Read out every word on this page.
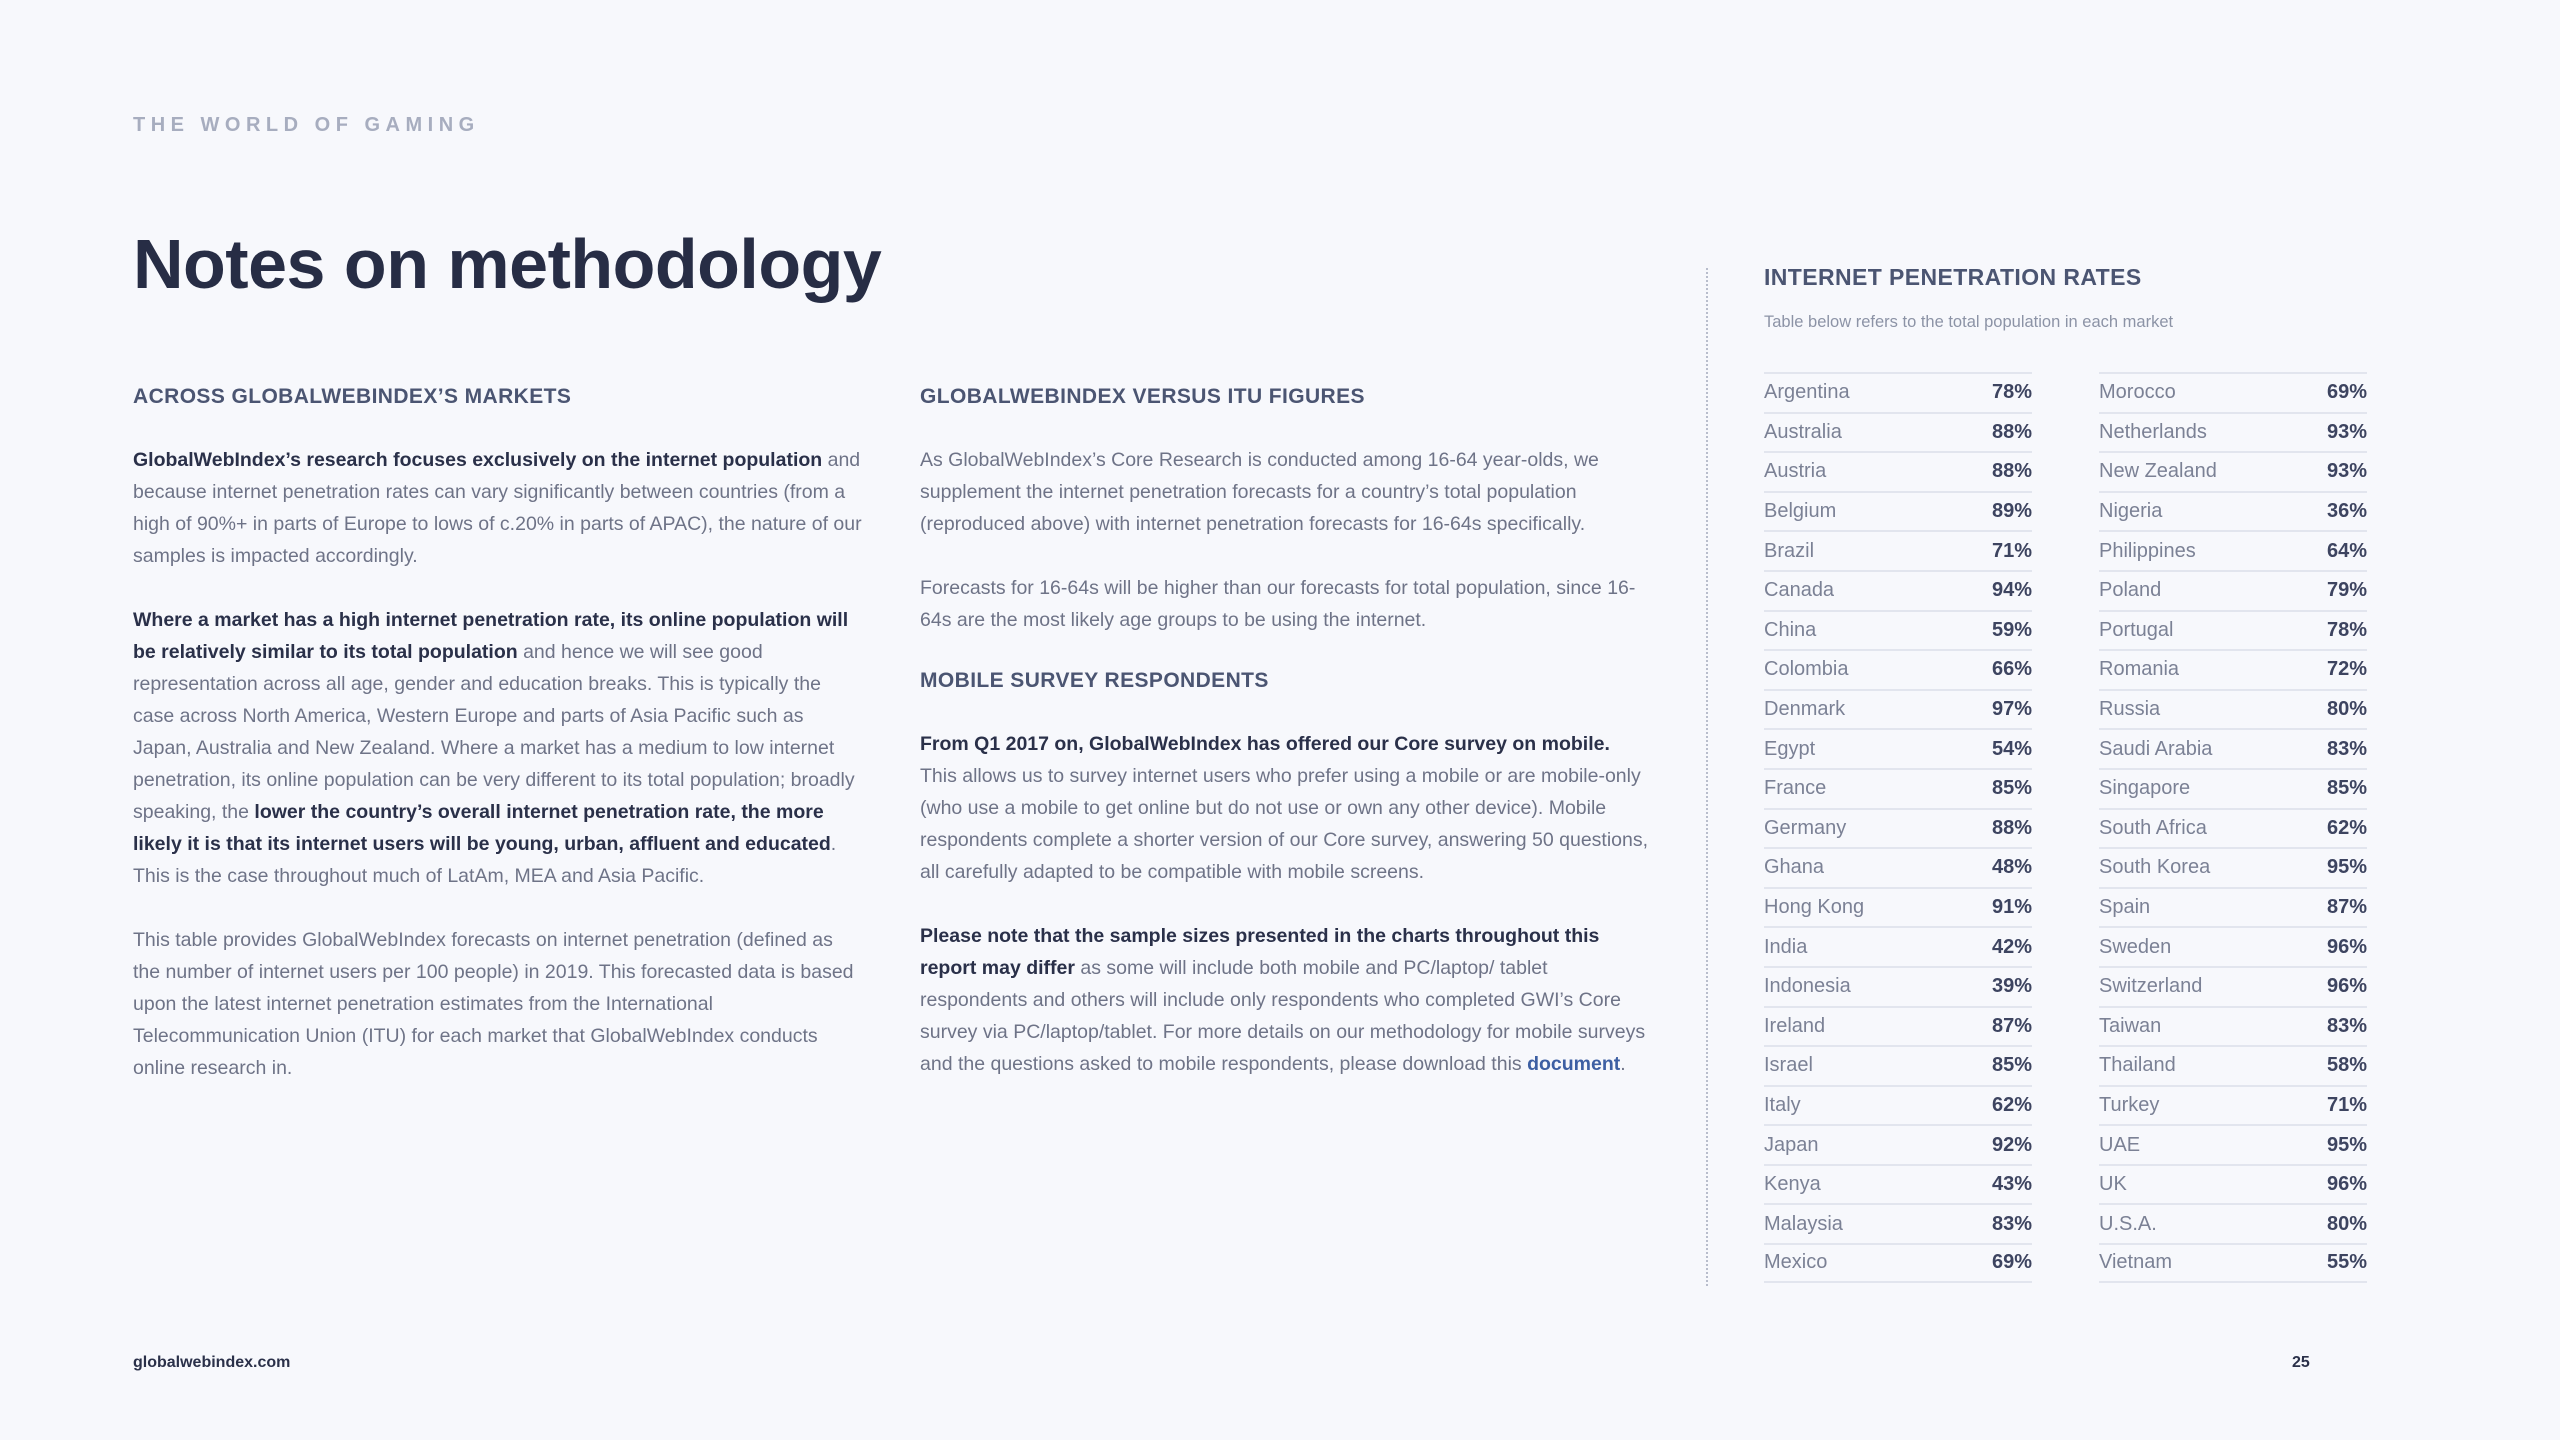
THE WORLD OF GAMING
Notes on methodology
ACROSS GLOBALWEBINDEX’S MARKETS

GlobalWebIndex’s research focuses exclusively on the internet population and because internet penetration rates can vary significantly between countries (from a high of 90%+ in parts of Europe to lows of c.20% in parts of APAC), the nature of our samples is impacted accordingly.

Where a market has a high internet penetration rate, its online population will be relatively similar to its total population and hence we will see good representation across all age, gender and education breaks. This is typically the case across North America, Western Europe and parts of Asia Pacific such as Japan, Australia and New Zealand. Where a market has a medium to low internet penetration, its online population can be very different to its total population; broadly speaking, the lower the country’s overall internet penetration rate, the more likely it is that its internet users will be young, urban, affluent and educated. This is the case throughout much of LatAm, MEA and Asia Pacific.

This table provides GlobalWebIndex forecasts on internet penetration (defined as the number of internet users per 100 people) in 2019. This forecasted data is based upon the latest internet penetration estimates from the International Telecommunication Union (ITU) for each market that GlobalWebIndex conducts online research in.

GLOBALWEBINDEX VERSUS ITU FIGURES

As GlobalWebIndex’s Core Research is conducted among 16-64 year-olds, we supplement the internet penetration forecasts for a country’s total population (reproduced above) with internet penetration forecasts for 16-64s specifically.

Forecasts for 16-64s will be higher than our forecasts for total population, since 16-64s are the most likely age groups to be using the internet.

MOBILE SURVEY RESPONDENTS

From Q1 2017 on, GlobalWebIndex has offered our Core survey on mobile. This allows us to survey internet users who prefer using a mobile or are mobile-only (who use a mobile to get online but do not use or own any other device). Mobile respondents complete a shorter version of our Core survey, answering 50 questions, all carefully adapted to be compatible with mobile screens.

Please note that the sample sizes presented in the charts throughout this report may differ as some will include both mobile and PC/laptop/ tablet respondents and others will include only respondents who completed GWI’s Core survey via PC/laptop/tablet. For more details on our methodology for mobile surveys and the questions asked to mobile respondents, please download this document.

INTERNET PENETRATION RATES

Table below refers to the total population in each market

Argentina	78%
Australia	88%
Austria	88%
Belgium	89%
Brazil	71%
Canada	94%
China	59%
Colombia	66%
Denmark	97%
Egypt	54%
France	85%
Germany	88%
Ghana	48%
Hong Kong	91%
India	42%
Indonesia	39%
Ireland	87%
Israel	85%
Italy	62%
Japan	92%
Kenya	43%
Malaysia	83%
Mexico	69%
Morocco	69%
Netherlands	93%
New Zealand	93%
Nigeria	36%
Philippines	64%
Poland	79%
Portugal	78%
Romania	72%
Russia	80%
Saudi Arabia	83%
Singapore	85%
South Africa	62%
South Korea	95%
Spain	87%
Sweden	96%
Switzerland	96%
Taiwan	83%
Thailand	58%
Turkey	71%
UAE	95%
UK	96%
U.S.A.	80%
Vietnam	55%
globalwebindex.com	25
